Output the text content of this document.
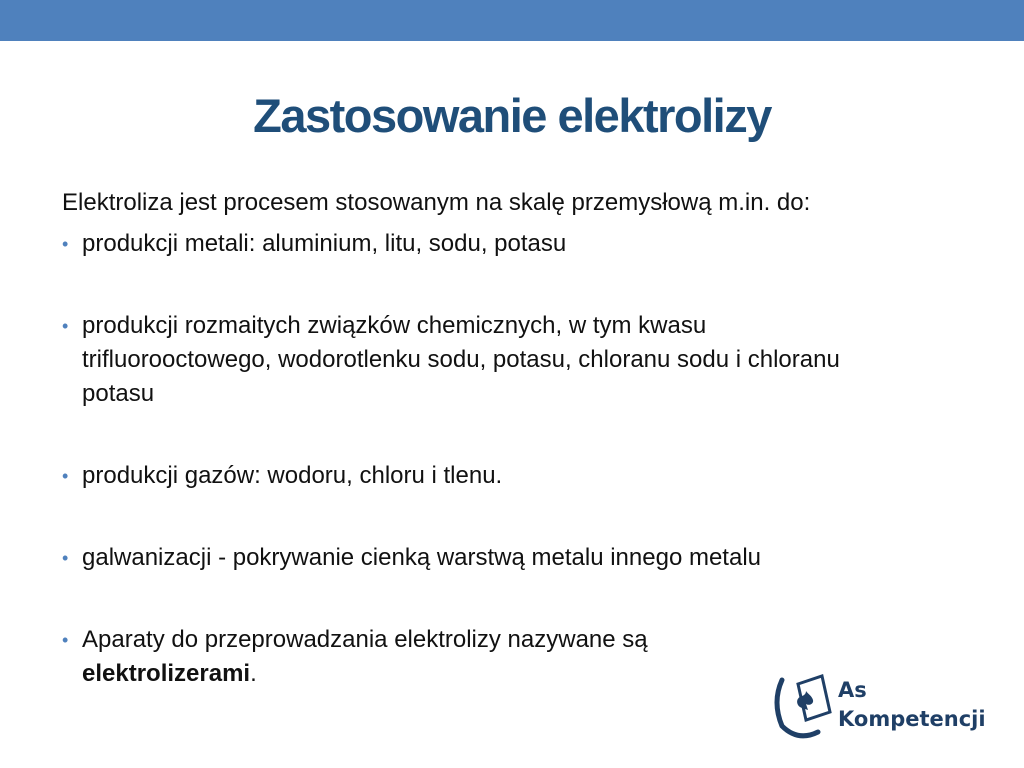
Zastosowanie elektrolizy
Elektroliza jest procesem stosowanym na skalę przemysłową m.in. do:
• produkcji metali: aluminium, litu, sodu, potasu
• produkcji rozmaitych związków chemicznych, w tym kwasu trifluorooctowego, wodorotlenku sodu, potasu, chloranu sodu i chloranu potasu
• produkcji gazów: wodoru, chloru i tlenu.
• galwanizacji - pokrywanie cienką warstwą metalu innego metalu
• Aparaty do przeprowadzania elektrolizy nazywane są
elektrolizerami.
As
Kompetencji
